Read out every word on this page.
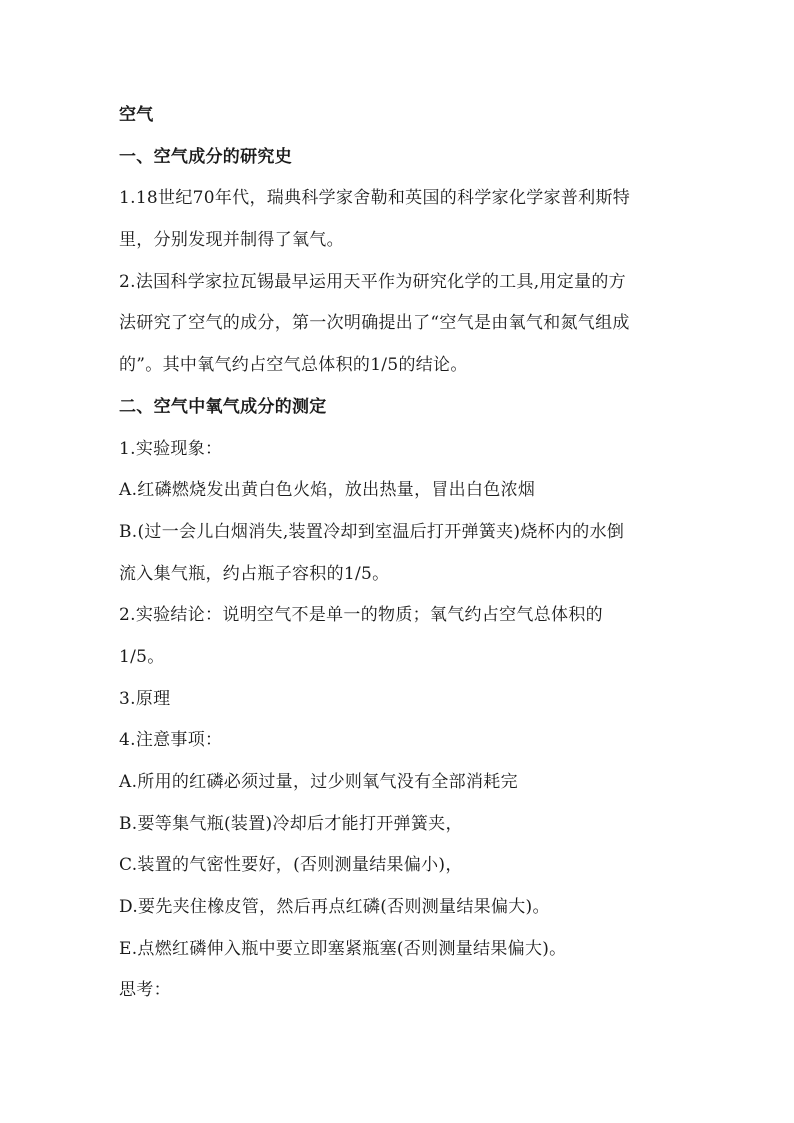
空气

一、空气成分的研究史

1.18世纪70年代，瑞典科学家舍勒和英国的科学家化学家普利斯特

里，分别发现并制得了氧气。

2.法国科学家拉瓦锡最早运用天平作为研究化学的工具,用定量的方

法研究了空气的成分，第一次明确提出了“空气是由氧气和氮气组成

的”。其中氧气约占空气总体积的1/5的结论。

二、空气中氧气成分的测定

1.实验现象：

A.红磷燃烧发出黄白色火焰，放出热量，冒出白色浓烟

B.(过一会儿白烟消失,装置冷却到室温后打开弹簧夹)烧杯内的水倒

流入集气瓶，约占瓶子容积的1/5。

2.实验结论：说明空气不是单一的物质；氧气约占空气总体积的

1/5。

3.原理

4.注意事项：

A.所用的红磷必须过量，过少则氧气没有全部消耗完

B.要等集气瓶(装置)冷却后才能打开弹簧夹，

C.装置的气密性要好，(否则测量结果偏小)，

D.要先夹住橡皮管，然后再点红磷(否则测量结果偏大)。

E.点燃红磷伸入瓶中要立即塞紧瓶塞(否则测量结果偏大)。

思考：
